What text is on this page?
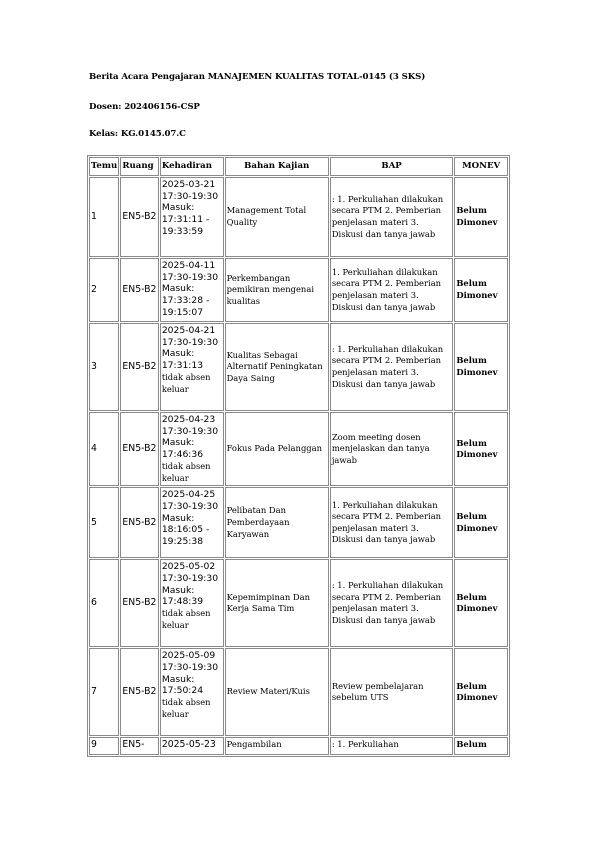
Berita Acara Pengajaran MANAJEMEN KUALITAS TOTAL-0145 (3 SKS)
Dosen: 202406156-CSP
Kelas: KG.0145.07.C
Temu	Ruang	Kehadiran	Bahan Kajian	BAP	MONEV
1	EN5-B2	2025-03-21
17:30-19:30
Masuk:
17:31:11 - 19:33:59	Management Total Quality	: 1. Perkuliahan dilakukan secara PTM 2. Pemberian penjelasan materi 3. Diskusi dan tanya jawab	Belum Dimonev
2	EN5-B2	2025-04-11
17:30-19:30
Masuk:
17:33:28 - 19:15:07	Perkembangan pemikiran mengenai kualitas	1. Perkuliahan dilakukan secara PTM 2. Pemberian penjelasan materi 3. Diskusi dan tanya jawab	Belum Dimonev
3	EN5-B2	2025-04-21
17:30-19:30
Masuk:
17:31:13
tidak absen keluar	Kualitas Sebagai Alternatif Peningkatan Daya Saing	: 1. Perkuliahan dilakukan secara PTM 2. Pemberian penjelasan materi 3. Diskusi dan tanya jawab	Belum Dimonev
4	EN5-B2	2025-04-23
17:30-19:30
Masuk:
17:46:36
tidak absen keluar	Fokus Pada Pelanggan	Zoom meeting dosen menjelaskan dan tanya jawab	Belum Dimonev
5	EN5-B2	2025-04-25
17:30-19:30
Masuk:
18:16:05 - 19:25:38	Pelibatan Dan Pemberdayaan Karyawan	1. Perkuliahan dilakukan secara PTM 2. Pemberian penjelasan materi 3. Diskusi dan tanya jawab	Belum Dimonev
6	EN5-B2	2025-05-02
17:30-19:30
Masuk:
17:48:39
tidak absen keluar	Kepemimpinan Dan Kerja Sama Tim	: 1. Perkuliahan dilakukan secara PTM 2. Pemberian penjelasan materi 3. Diskusi dan tanya jawab	Belum Dimonev
7	EN5-B2	2025-05-09
17:30-19:30
Masuk:
17:50:24
tidak absen keluar	Review Materi/Kuis	Review pembelajaran sebelum UTS	Belum Dimonev
9	EN5-	2025-05-23	Pengambilan	: 1. Perkuliahan	Belum
